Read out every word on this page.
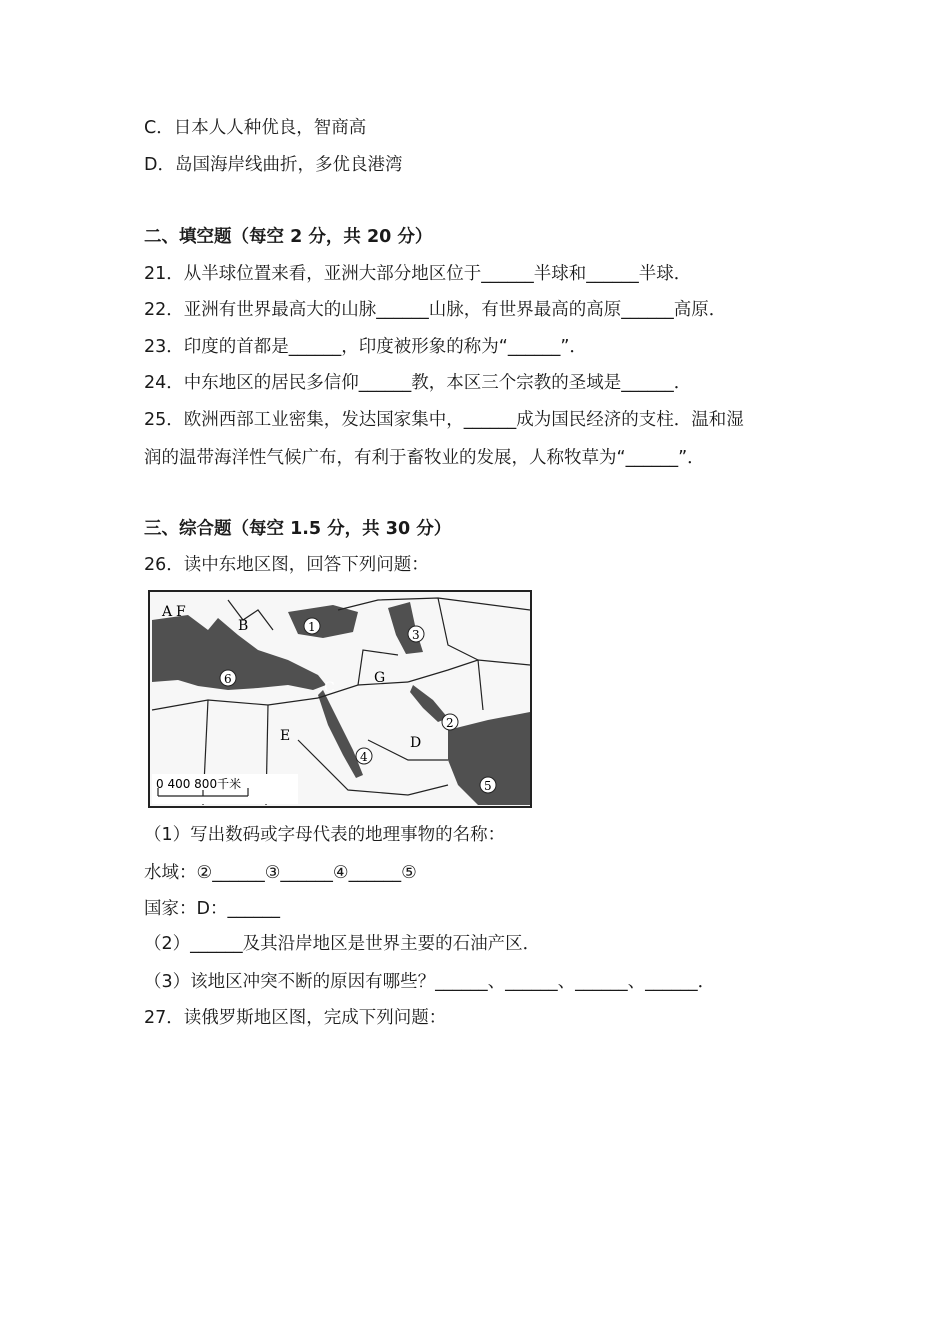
C．日本人人种优良，智商高
D．岛国海岸线曲折，多优良港湾
二、填空题（每空 2 分，共 20 分）
21．从半球位置来看，亚洲大部分地区位于______半球和______半球．
22．亚洲有世界最高大的山脉______山脉，有世界最高的高原______高原．
23．印度的首都是______，印度被形象的称为“______”．
24．中东地区的居民多信仰______教，本区三个宗教的圣域是______．
25．欧洲西部工业密集，发达国家集中，______成为国民经济的支柱．温和湿
润的温带海洋性气候广布，有利于畜牧业的发展，人称牧草为“______”．
三、综合题（每空 1.5 分，共 30 分）
26．读中东地区图，回答下列问题：
A F
B
C
G
E	D
1
2
3
4
5
6
0 400 800千米
（1）写出数码或字母代表的地理事物的名称：
水域：②______③______④______⑤
国家：D：______
（2）______及其沿岸地区是世界主要的石油产区．
（3）该地区冲突不断的原因有哪些？______、______、______、______．
27．读俄罗斯地区图，完成下列问题：
